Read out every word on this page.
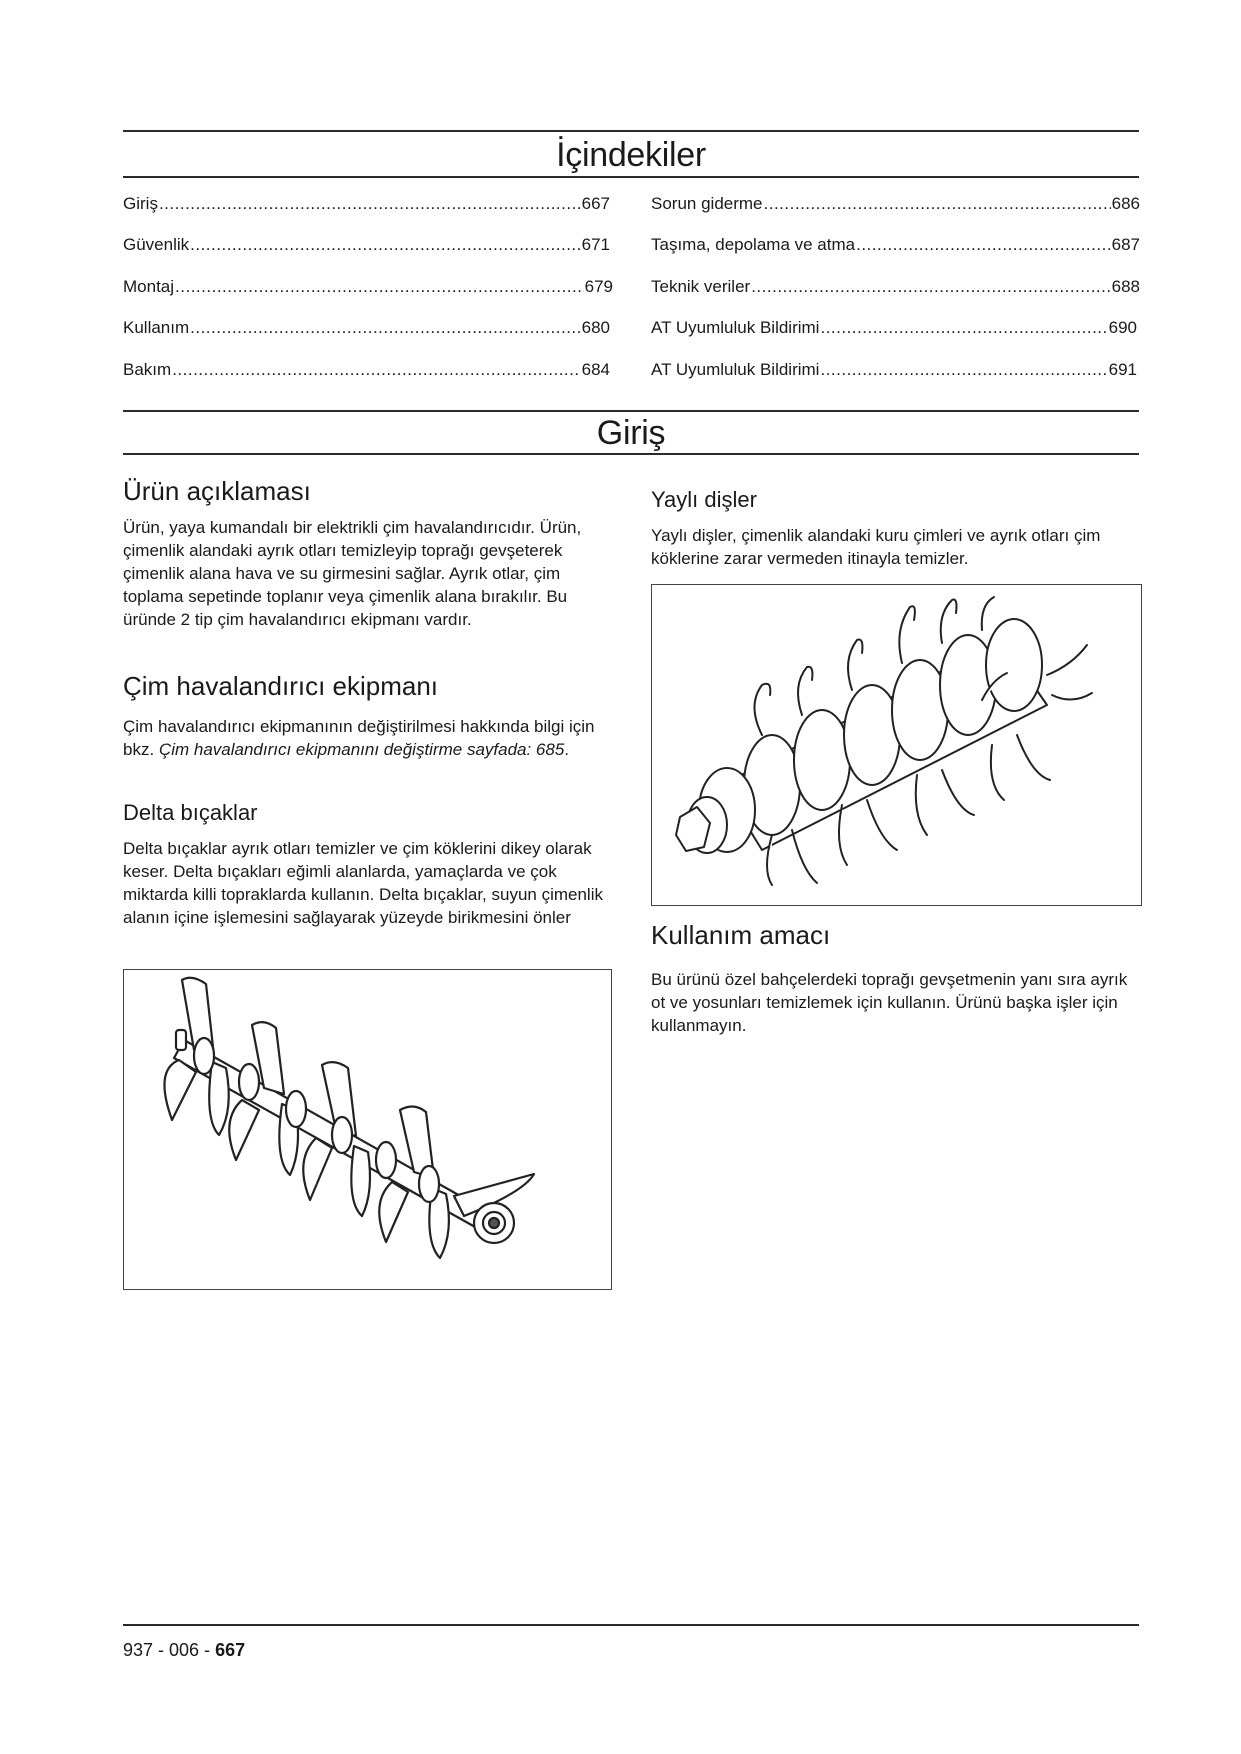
İçindekiler
Giriş .....	667
Güvenlik .....	671
Montaj .....	679
Kullanım .....	680
Bakım .....	684
Sorun giderme .....	686
Taşıma, depolama ve atma .....	687
Teknik veriler .....	688
AT Uyumluluk Bildirimi .....	690
AT Uyumluluk Bildirimi .....	691
Giriş
Ürün açıklaması

Ürün, yaya kumandalı bir elektrikli çim havalandırıcıdır. Ürün, çimenlik alandaki ayrık otları temizleyip toprağı gevşeterek çimenlik alana hava ve su girmesini sağlar. Ayrık otlar, çim toplama sepetinde toplanır veya çimenlik alana bırakılır. Bu üründe 2 tip çim havalandırıcı ekipmanı vardır.

Çim havalandırıcı ekipmanı

Çim havalandırıcı ekipmanının değiştirilmesi hakkında bilgi için bkz. Çim havalandırıcı ekipmanını değiştirme sayfada: 685.

Delta bıçaklar

Delta bıçaklar ayrık otları temizler ve çim köklerini dikey olarak keser. Delta bıçakları eğimli alanlarda, yamaçlarda ve çok miktarda killi topraklarda kullanın. Delta bıçaklar, suyun çimenlik alanın içine işlemesini sağlayarak yüzeyde birikmesini önler

Yaylı dişler

Yaylı dişler, çimenlik alandaki kuru çimleri ve ayrık otları çim köklerine zarar vermeden itinayla temizler.

Kullanım amacı

Bu ürünü özel bahçelerdeki toprağı gevşetmenin yanı sıra ayrık ot ve yosunları temizlemek için kullanın. Ürünü başka işler için kullanmayın.

937 - 006 - 667
